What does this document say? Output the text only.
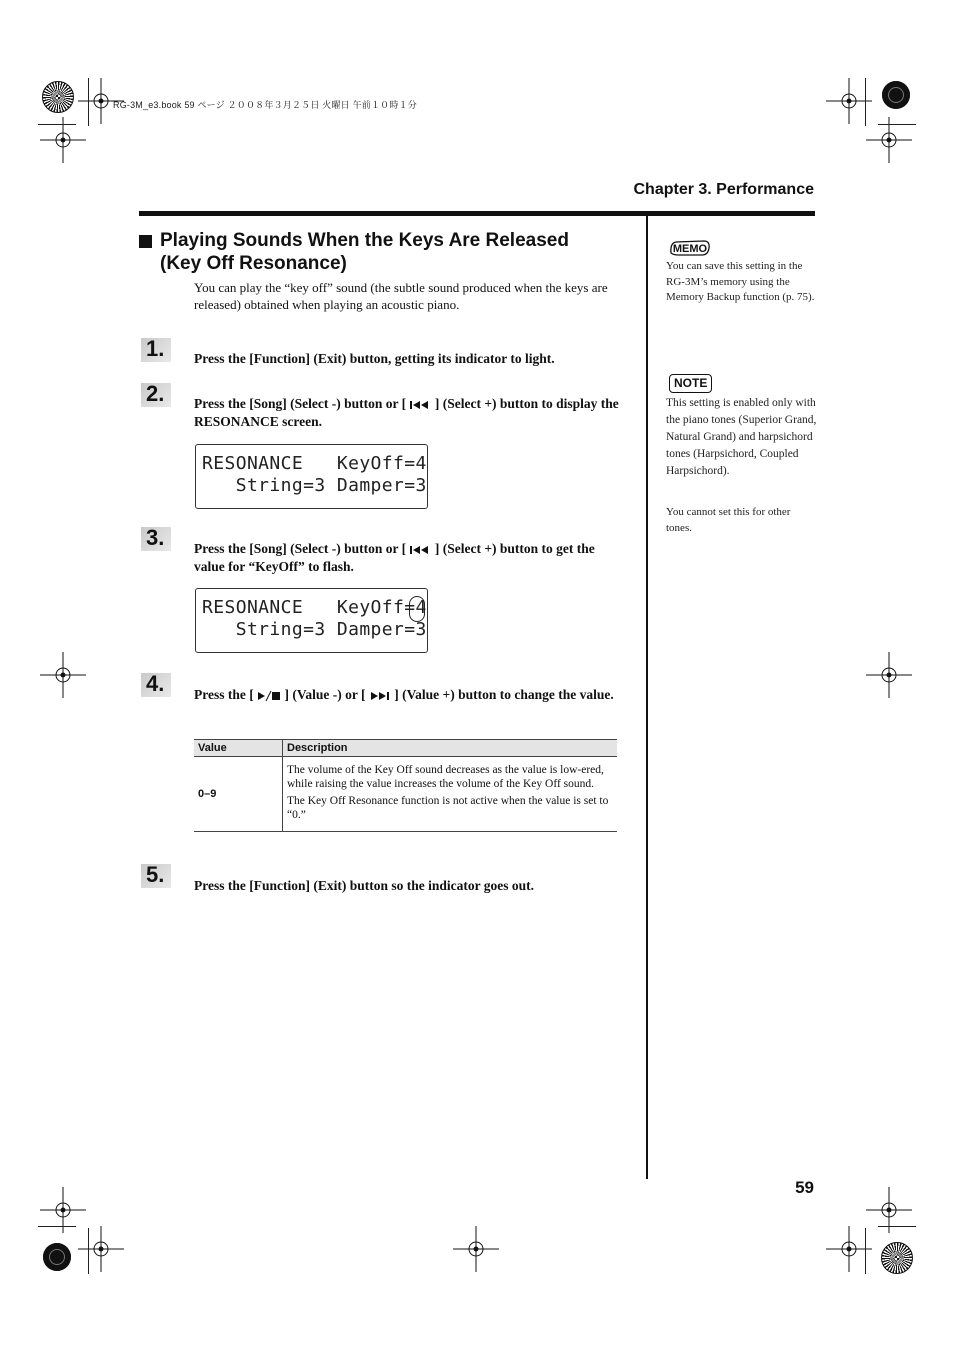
RG-3M_e3.book 59 ページ ２００８年３月２５日 火曜日 午前１０時１分
Chapter 3. Performance
Playing Sounds When the Keys Are Released
(Key Off Resonance)
You can play the “key off” sound (the subtle sound produced when the keys are released) obtained when playing an acoustic piano.
1. Press the [Function] (Exit) button, getting its indicator to light.
2. Press the [Song] (Select -) button or [ ] (Select +) button to display the RESONANCE screen.
RESONANCE   KeyOff=4
String=3 Damper=3
3. Press the [Song] (Select -) button or [ ] (Select +) button to get the value for “KeyOff” to flash.
RESONANCE   KeyOff=4
String=3 Damper=3
4. Press the [ ] (Value -) or [ ] (Value +) button to change the value.
Value	Description
0–9	The volume of the Key Off sound decreases as the value is low-ered, while raising the value increases the volume of the Key Off sound.

The Key Off Resonance function is not active when the value is set to “0.”

5. Press the [Function] (Exit) button so the indicator goes out.
MEMO
You can save this setting in the RG-3M’s memory using the Memory Backup function (p. 75).
NOTE
This setting is enabled only with the piano tones (Superior Grand, Natural Grand) and harpsichord tones (Harpsichord, Coupled Harpsichord).
You cannot set this for other tones.
59
